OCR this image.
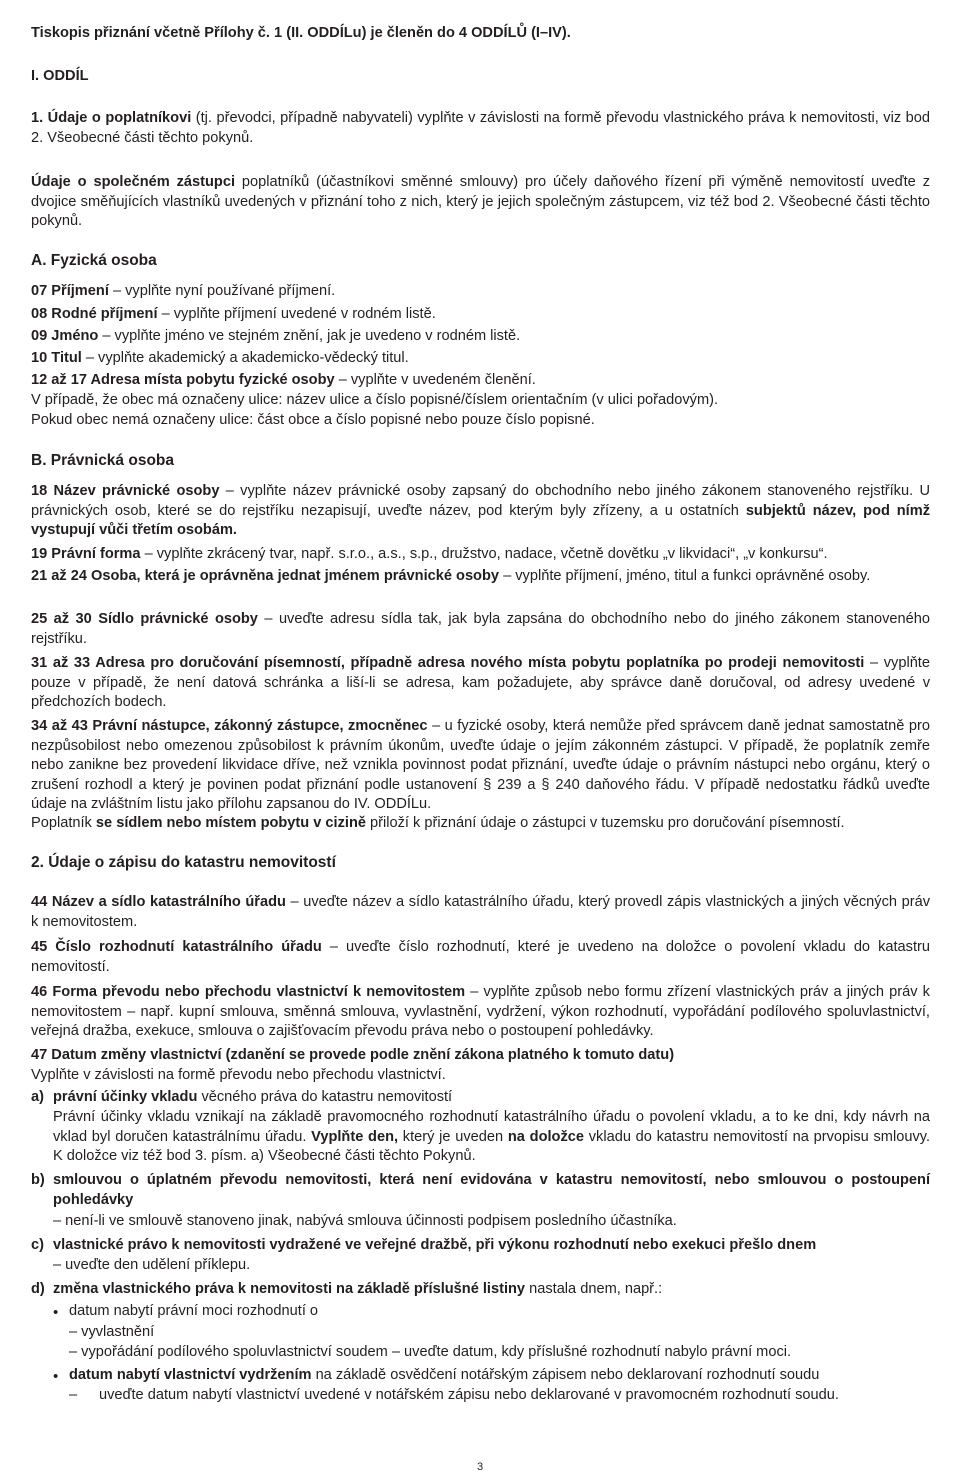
Tiskopis přiznání včetně Přílohy č. 1 (II. ODDÍLu) je členěn do 4 ODDÍLŮ (I–IV).

I. ODDÍL

1. Údaje o poplatníkovi (tj. převodci, případně nabyvateli) vyplňte v závislosti na formě převodu vlastnického práva k nemovitosti, viz bod 2. Všeobecné části těchto pokynů.

Údaje o společném zástupci poplatníků (účastníkovi směnné smlouvy) pro účely daňového řízení při výměně nemovitostí uveďte z dvojice směňujících vlastníků uvedených v přiznání toho z nich, který je jejich společným zástupcem, viz též bod 2. Všeobecné části těchto pokynů.

A. Fyzická osoba

07 Příjmení – vyplňte nyní používané příjmení.

08 Rodné příjmení – vyplňte příjmení uvedené v rodném listě.

09 Jméno – vyplňte jméno ve stejném znění, jak je uvedeno v rodném listě.

10 Titul – vyplňte akademický a akademicko-vědecký titul.

12 až 17 Adresa místa pobytu fyzické osoby – vyplňte v uvedeném členění.

V případě, že obec má označeny ulice: název ulice a číslo popisné/číslem orientačním (v ulici pořadovým).

Pokud obec nemá označeny ulice: část obce a číslo popisné nebo pouze číslo popisné.

B. Právnická osoba

18 Název právnické osoby – vyplňte název právnické osoby zapsaný do obchodního nebo jiného zákonem stanoveného rejstříku. U právnických osob, které se do rejstříku nezapisují, uveďte název, pod kterým byly zřízeny, a u ostatních subjektů název, pod nímž vystupují vůči třetím osobám.

19 Právní forma – vyplňte zkrácený tvar, např. s.r.o., a.s., s.p., družstvo, nadace, včetně dovětku „v likvidaci“, „v konkursu“.

21 až 24 Osoba, která je oprávněna jednat jménem právnické osoby – vyplňte příjmení, jméno, titul a funkci oprávněné osoby.

25 až 30 Sídlo právnické osoby – uveďte adresu sídla tak, jak byla zapsána do obchodního nebo do jiného zákonem stanoveného rejstříku.

31 až 33 Adresa pro doručování písemností, případně adresa nového místa pobytu poplatníka po prodeji nemovitosti – vyplňte pouze v případě, že není datová schránka a liší-li se adresa, kam požadujete, aby správce daně doručoval, od adresy uvedené v předchozích bodech.

34 až 43 Právní nástupce, zákonný zástupce, zmocněnec – u fyzické osoby, která nemůže před správcem daně jednat samostatně pro nezpůsobilost nebo omezenou způsobilost k právním úkonům, uveďte údaje o jejím zákonném zástupci. V případě, že poplatník zemře nebo zanikne bez provedení likvidace dříve, než vznikla povinnost podat přiznání, uveďte údaje o právním nástupci nebo orgánu, který o zrušení rozhodl a který je povinen podat přiznání podle ustanovení § 239 a § 240 daňového řádu. V případě nedostatku řádků uveďte údaje na zvláštním listu jako přílohu zapsanou do IV. ODDÍLu.

Poplatník se sídlem nebo místem pobytu v cizině přiloží k přiznání údaje o zástupci v tuzemsku pro doručování písemností.

2. Údaje o zápisu do katastru nemovitostí

44 Název a sídlo katastrálního úřadu – uveďte název a sídlo katastrálního úřadu, který provedl zápis vlastnických a jiných věcných práv k nemovitostem.

45 Číslo rozhodnutí katastrálního úřadu – uveďte číslo rozhodnutí, které je uvedeno na doložce o povolení vkladu do katastru nemovitostí.

46 Forma převodu nebo přechodu vlastnictví k nemovitostem – vyplňte způsob nebo formu zřízení vlastnických práv a jiných práv k nemovitostem – např. kupní smlouva, směnná smlouva, vyvlastnění, vydržení, výkon rozhodnutí, vypořádání podílového spoluvlastnictví, veřejná dražba, exekuce, smlouva o zajišťovacím převodu práva nebo o postoupení pohledávky.

47 Datum změny vlastnictví (zdanění se provede podle znění zákona platného k tomuto datu)

Vyplňte v závislosti na formě převodu nebo přechodu vlastnictví.

a) právní účinky vkladu věcného práva do katastru nemovitostí

Právní účinky vkladu vznikají na základě pravomocného rozhodnutí katastrálního úřadu o povolení vkladu, a to ke dni, kdy návrh na vklad byl doručen katastrálnímu úřadu. Vyplňte den, který je uveden na doložce vkladu do katastru nemovitostí na prvopisu smlouvy. K doložce viz též bod 3. písm. a) Všeobecné části těchto Pokynů.

b) smlouvou o úplatném převodu nemovitosti, která není evidována v katastru nemovitostí, nebo smlouvou o postoupení pohledávky

– není-li ve smlouvě stanoveno jinak, nabývá smlouva účinnosti podpisem posledního účastníka.

c) vlastnické právo k nemovitosti vydražené ve veřejné dražbě, při výkonu rozhodnutí nebo exekuci přešlo dnem

– uveďte den udělení příklepu.

d) změna vlastnického práva k nemovitosti na základě příslušné listiny nastala dnem, např.:

• datum nabytí právní moci rozhodnutí o

– vyvlastnění

– vypořádání podílového spoluvlastnictví soudem – uveďte datum, kdy příslušné rozhodnutí nabylo právní moci.

• datum nabytí vlastnictví vydržením na základě osvědčení notářským zápisem nebo deklarovaní rozhodnutí soudu

– uveďte datum nabytí vlastnictví uvedené v notářském zápisu nebo deklarované v pravomocném rozhodnutí soudu.

3
